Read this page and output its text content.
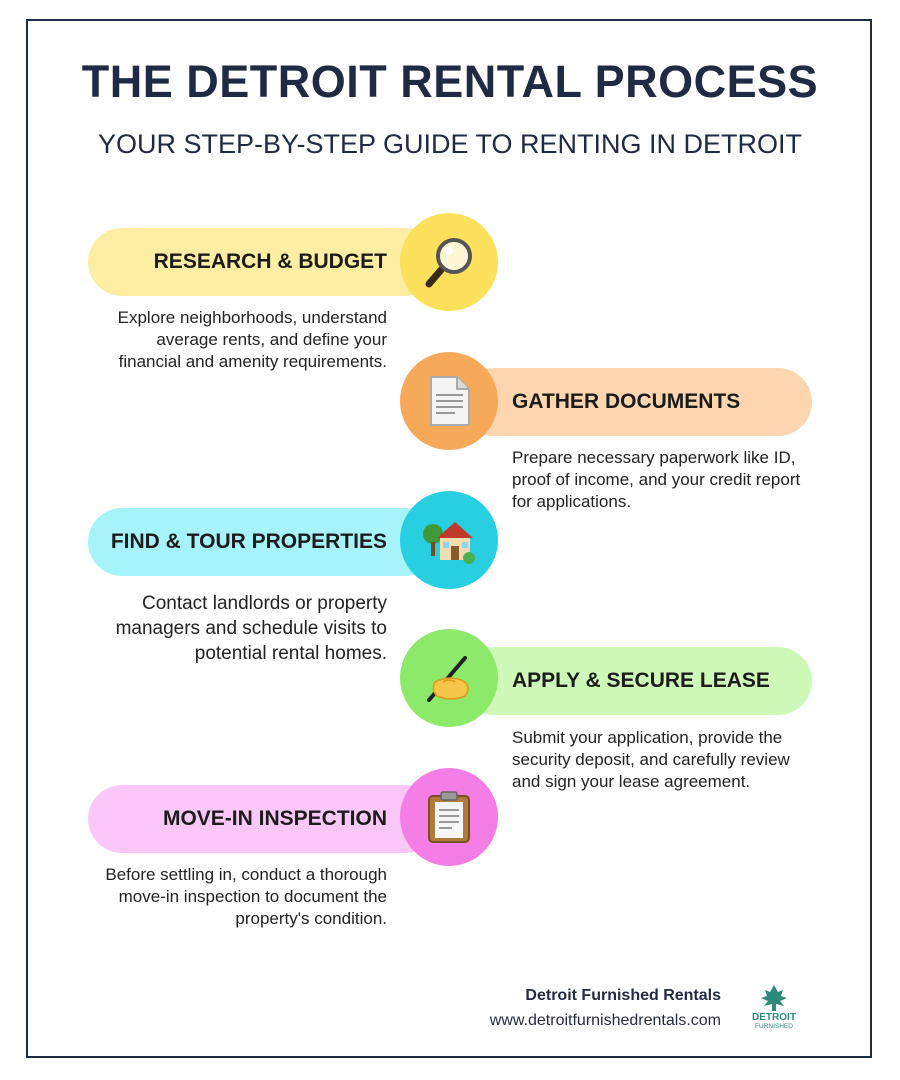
THE DETROIT RENTAL PROCESS
YOUR STEP-BY-STEP GUIDE TO RENTING IN DETROIT
RESEARCH & BUDGET
Explore neighborhoods, understand average rents, and define your financial and amenity requirements.
GATHER DOCUMENTS
Prepare necessary paperwork like ID, proof of income, and your credit report for applications.
FIND & TOUR PROPERTIES
Contact landlords or property managers and schedule visits to potential rental homes.
APPLY & SECURE LEASE
Submit your application, provide the security deposit, and carefully review and sign your lease agreement.
MOVE-IN INSPECTION
Before settling in, conduct a thorough move-in inspection to document the property's condition.
Detroit Furnished Rentals
www.detroitfurnishedrentals.com	DETROIT
FURNISHED
